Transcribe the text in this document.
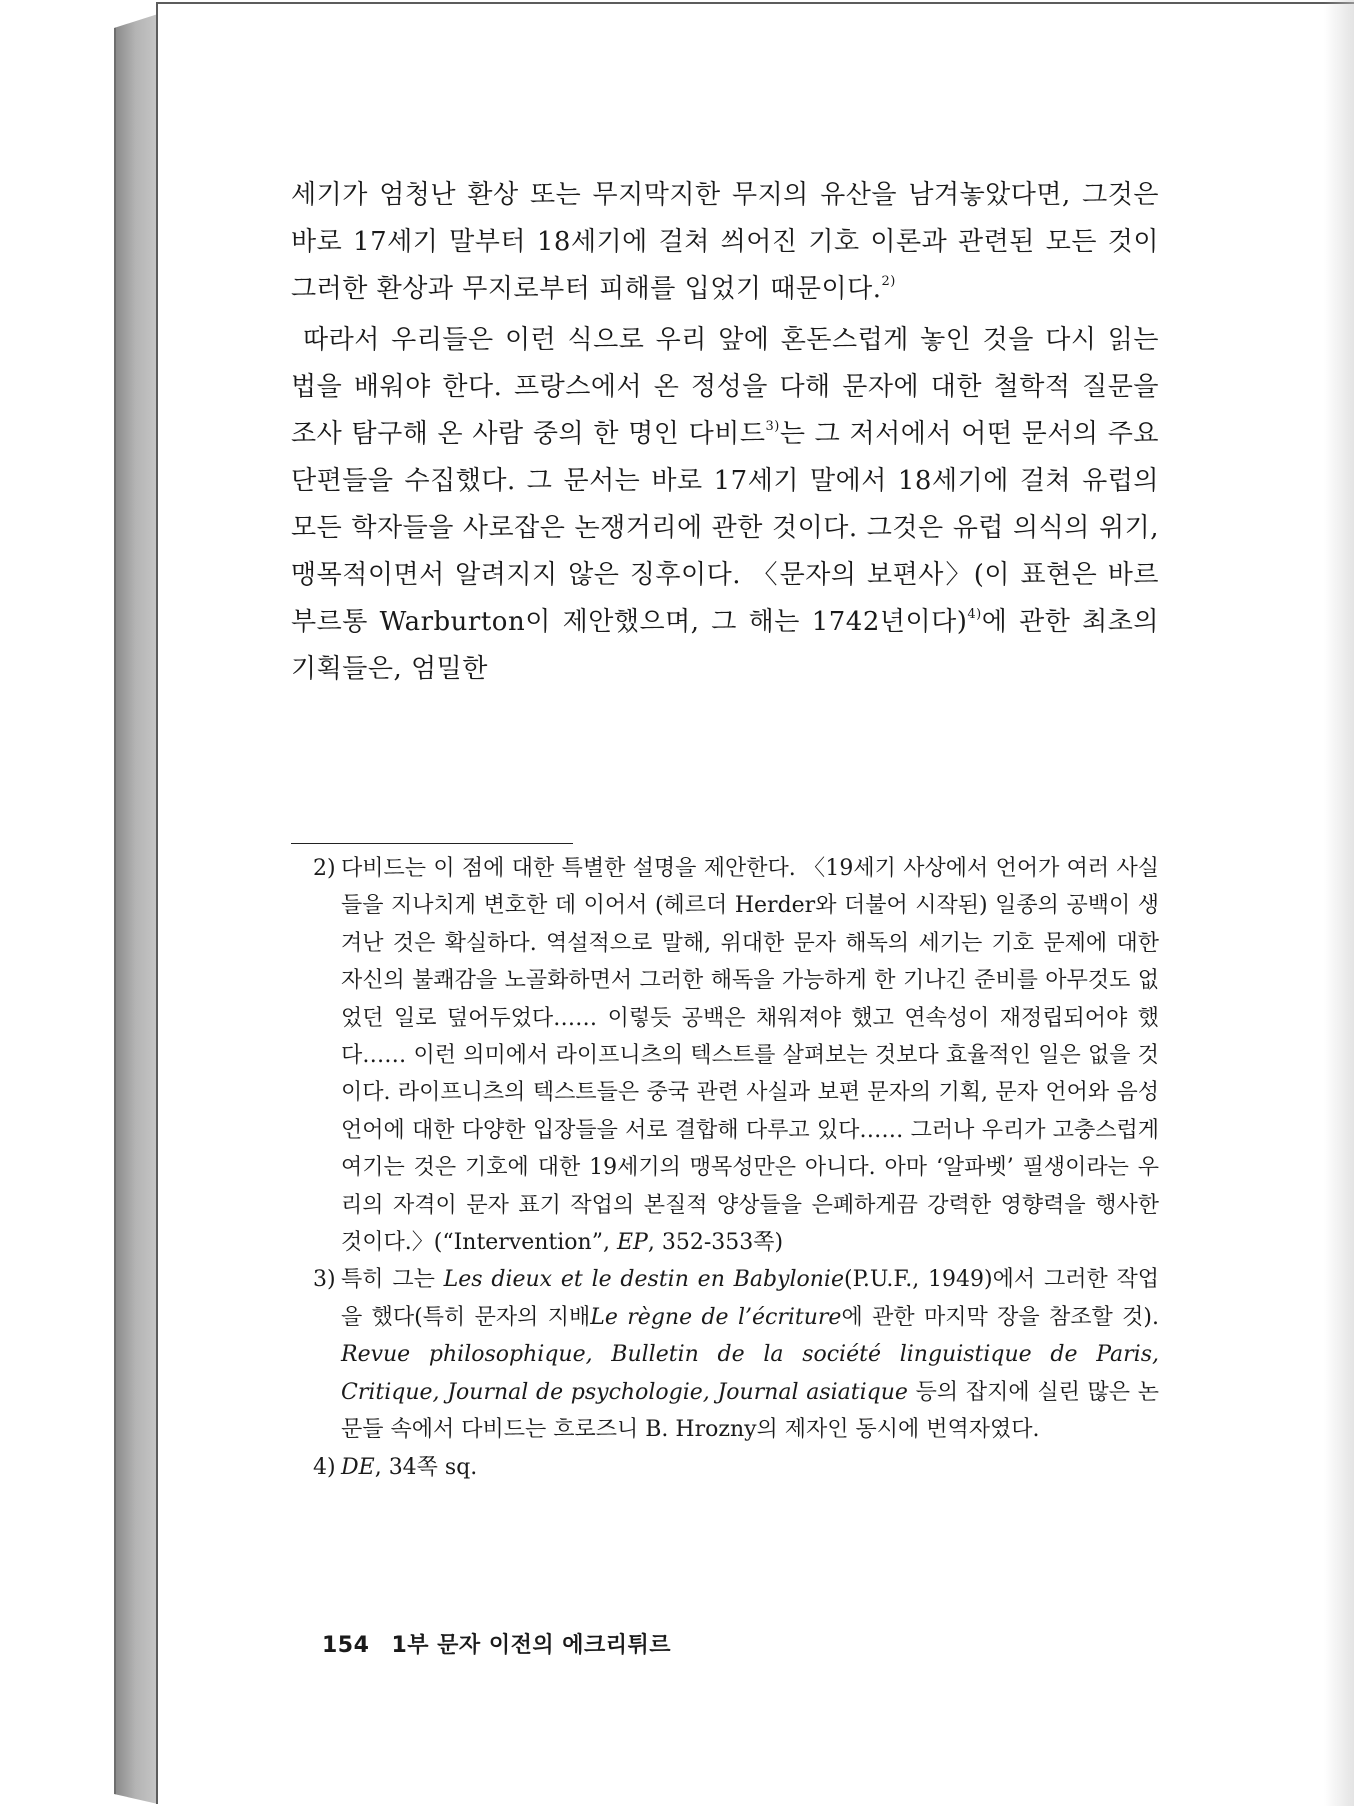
세기가 엄청난 환상 또는 무지막지한 무지의 유산을 남겨놓았다면, 그것은 바로 17세기 말부터 18세기에 걸쳐 씌어진 기호 이론과 관련된 모든 것이 그러한 환상과 무지로부터 피해를 입었기 때문이다.$^{2)}$

따라서 우리들은 이런 식으로 우리 앞에 혼돈스럽게 놓인 것을 다시 읽는 법을 배워야 한다. 프랑스에서 온 정성을 다해 문자에 대한 철학적 질문을 조사 탐구해 온 사람 중의 한 명인 다비드$^{3)}$는 그 저서에서 어떤 문서의 주요 단편들을 수집했다. 그 문서는 바로 17세기 말에서 18세기에 걸쳐 유럽의 모든 학자들을 사로잡은 논쟁거리에 관한 것이다. 그것은 유럽 의식의 위기, 맹목적이면서 알려지지 않은 징후이다. 〈문자의 보편사〉(이 표현은 바르부르통 Warburton이 제안했으며, 그 해는 1742년이다)$^{4)}$에 관한 최초의 기획들은, 엄밀한

2) 다비드는 이 점에 대한 특별한 설명을 제안한다. 〈19세기 사상에서 언어가 여러 사실들을 지나치게 변호한 데 이어서 (헤르더 Herder와 더불어 시작된) 일종의 공백이 생겨난 것은 확실하다. 역설적으로 말해, 위대한 문자 해독의 세기는 기호 문제에 대한 자신의 불쾌감을 노골화하면서 그러한 해독을 가능하게 한 기나긴 준비를 아무것도 없었던 일로 덮어두었다…… 이렇듯 공백은 채워져야 했고 연속성이 재정립되어야 했다…… 이런 의미에서 라이프니츠의 텍스트를 살펴보는 것보다 효율적인 일은 없을 것이다. 라이프니츠의 텍스트들은 중국 관련 사실과 보편 문자의 기획, 문자 언어와 음성 언어에 대한 다양한 입장들을 서로 결합해 다루고 있다…… 그러나 우리가 고충스럽게 여기는 것은 기호에 대한 19세기의 맹목성만은 아니다. 아마 ‘알파벳’ 필생이라는 우리의 자격이 문자 표기 작업의 본질적 양상들을 은폐하게끔 강력한 영향력을 행사한 것이다.〉(“Intervention”, EP, 352-353쪽)

3) 특히 그는 Les dieux et le destin en Babylonie(P.U.F., 1949)에서 그러한 작업을 했다(특히 문자의 지배Le règne de l’écriture에 관한 마지막 장을 참조할 것). Revue philosophique, Bulletin de la société linguistique de Paris, Critique, Journal de psychologie, Journal asiatique 등의 잡지에 실린 많은 논문들 속에서 다비드는 흐로즈니 B. Hrozny의 제자인 동시에 번역자였다.

4) DE, 34쪽 sq.

154 1부 문자 이전의 에크리튀르
